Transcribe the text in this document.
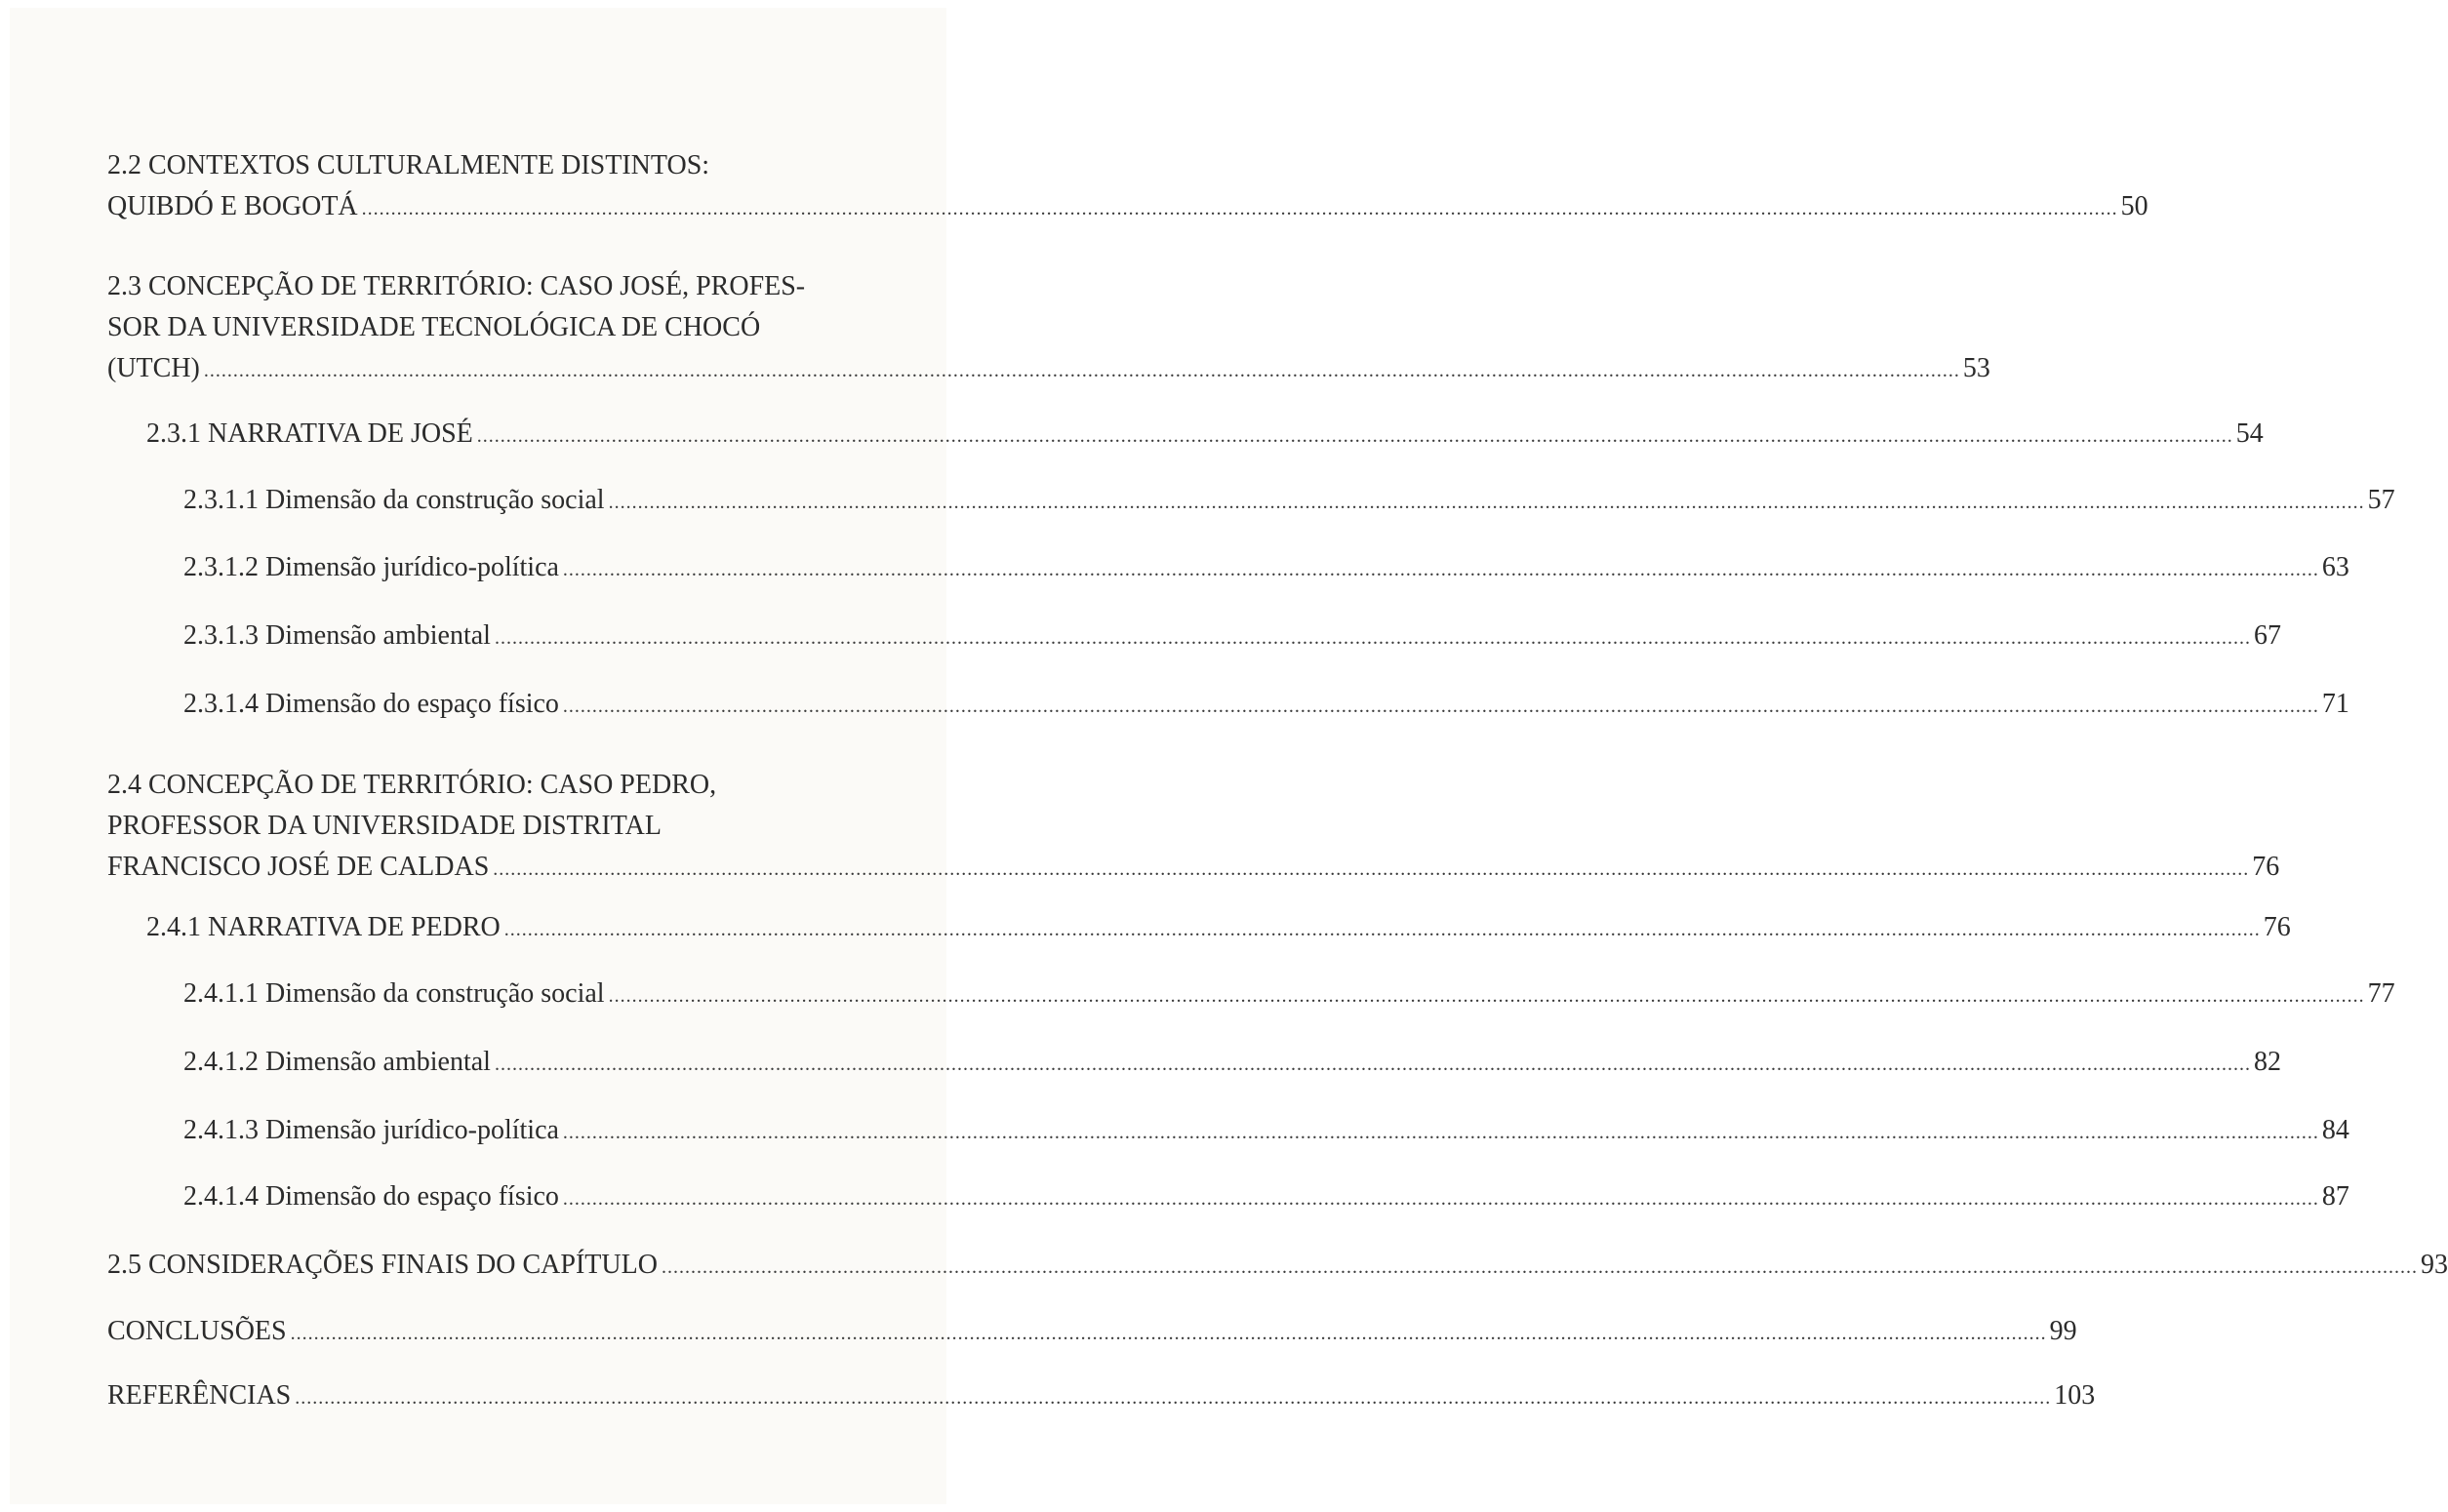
2.2 CONTEXTOS CULTURALMENTE DISTINTOS:
QUIBDÓ E BOGOTÁ ............................................................................................................................................................................................................................................................................................................ 50
2.3 CONCEPÇÃO DE TERRITÓRIO: CASO JOSÉ, PROFES-
SOR DA UNIVERSIDADE TECNOLÓGICA DE CHOCÓ
(UTCH) ............................................................................................................................................................................................................................................................................................................ 53
2.3.1 NARRATIVA DE JOSÉ ............................................................................................................................................................................................................................................................................................................ 54
2.3.1.1 Dimensão da construção social ............................................................................................................................................................................................................................................................................................................ 57
2.3.1.2 Dimensão jurídico-política ............................................................................................................................................................................................................................................................................................................ 63
2.3.1.3 Dimensão ambiental ............................................................................................................................................................................................................................................................................................................ 67
2.3.1.4 Dimensão do espaço físico ............................................................................................................................................................................................................................................................................................................ 71
2.4 CONCEPÇÃO DE TERRITÓRIO: CASO PEDRO,
PROFESSOR DA UNIVERSIDADE DISTRITAL
FRANCISCO JOSÉ DE CALDAS ............................................................................................................................................................................................................................................................................................................ 76
2.4.1 NARRATIVA DE PEDRO ............................................................................................................................................................................................................................................................................................................ 76
2.4.1.1 Dimensão da construção social ............................................................................................................................................................................................................................................................................................................ 77
2.4.1.2 Dimensão ambiental ............................................................................................................................................................................................................................................................................................................ 82
2.4.1.3 Dimensão jurídico-política ............................................................................................................................................................................................................................................................................................................ 84
2.4.1.4 Dimensão do espaço físico ............................................................................................................................................................................................................................................................................................................ 87
2.5 CONSIDERAÇÕES FINAIS DO CAPÍTULO ............................................................................................................................................................................................................................................................................................................ 93
CONCLUSÕES ............................................................................................................................................................................................................................................................................................................ 99
REFERÊNCIAS ............................................................................................................................................................................................................................................................................................................ 103
